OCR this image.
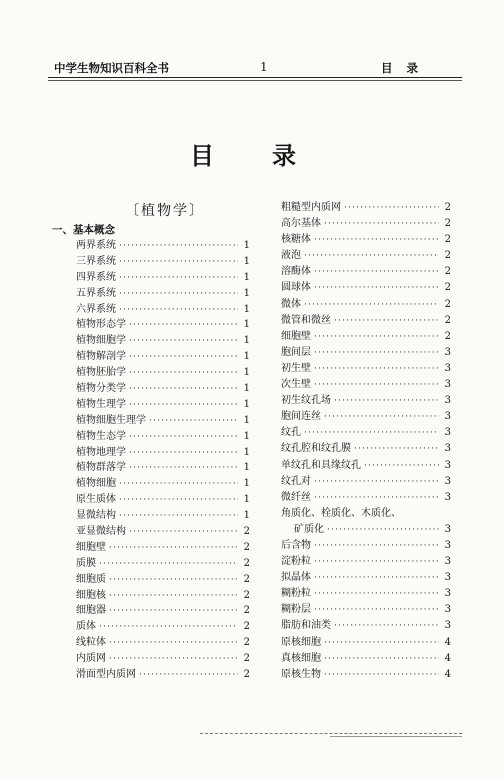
中学生物知识百科全书	1	目录
目录
〔植物学〕
一、基本概念
两界系统 ·····	1
三界系统 ·····	1
四界系统 ·····	1
五界系统 ·····	1
六界系统 ·····	1
植物形态学 ·····	1
植物细胞学 ·····	1
植物解剖学 ·····	1
植物胚胎学 ·····	1
植物分类学 ·····	1
植物生理学 ·····	1
植物细胞生理学 ·····	1
植物生态学 ·····	1
植物地理学 ·····	1
植物群落学 ·····	1
植物细胞 ·····	1
原生质体 ·····	1
显微结构 ·····	1
亚显微结构 ·····	2
细胞壁 ·····	2
质膜 ·····	2
细胞质 ·····	2
细胞核 ·····	2
细胞器 ·····	2
质体 ·····	2
线粒体 ·····	2
内质网 ·····	2
滑面型内质网 ·····	2
粗糙型内质网 ·····	2
高尔基体 ·····	2
核糖体 ·····	2
液泡 ·····	2
溶酶体 ·····	2
圆球体 ·····	2
微体 ·····	2
微管和微丝 ·····	2
细胞壁 ·····	2
胞间层 ·····	3
初生壁 ·····	3
次生壁 ·····	3
初生纹孔场 ·····	3
胞间连丝 ·····	3
纹孔 ·····	3
纹孔腔和纹孔膜 ·····	3
单纹孔和具缘纹孔 ·····	3
纹孔对 ·····	3
微纤丝 ·····	3
角质化、栓质化、木质化、
矿质化 ·····	3
后含物 ·····	3
淀粉粒 ·····	3
拟晶体 ·····	3
糊粉粒 ·····	3
糊粉层 ·····	3
脂肪和油类 ·····	3
原核细胞 ·····	4
真核细胞 ·····	4
原核生物 ·····	4
